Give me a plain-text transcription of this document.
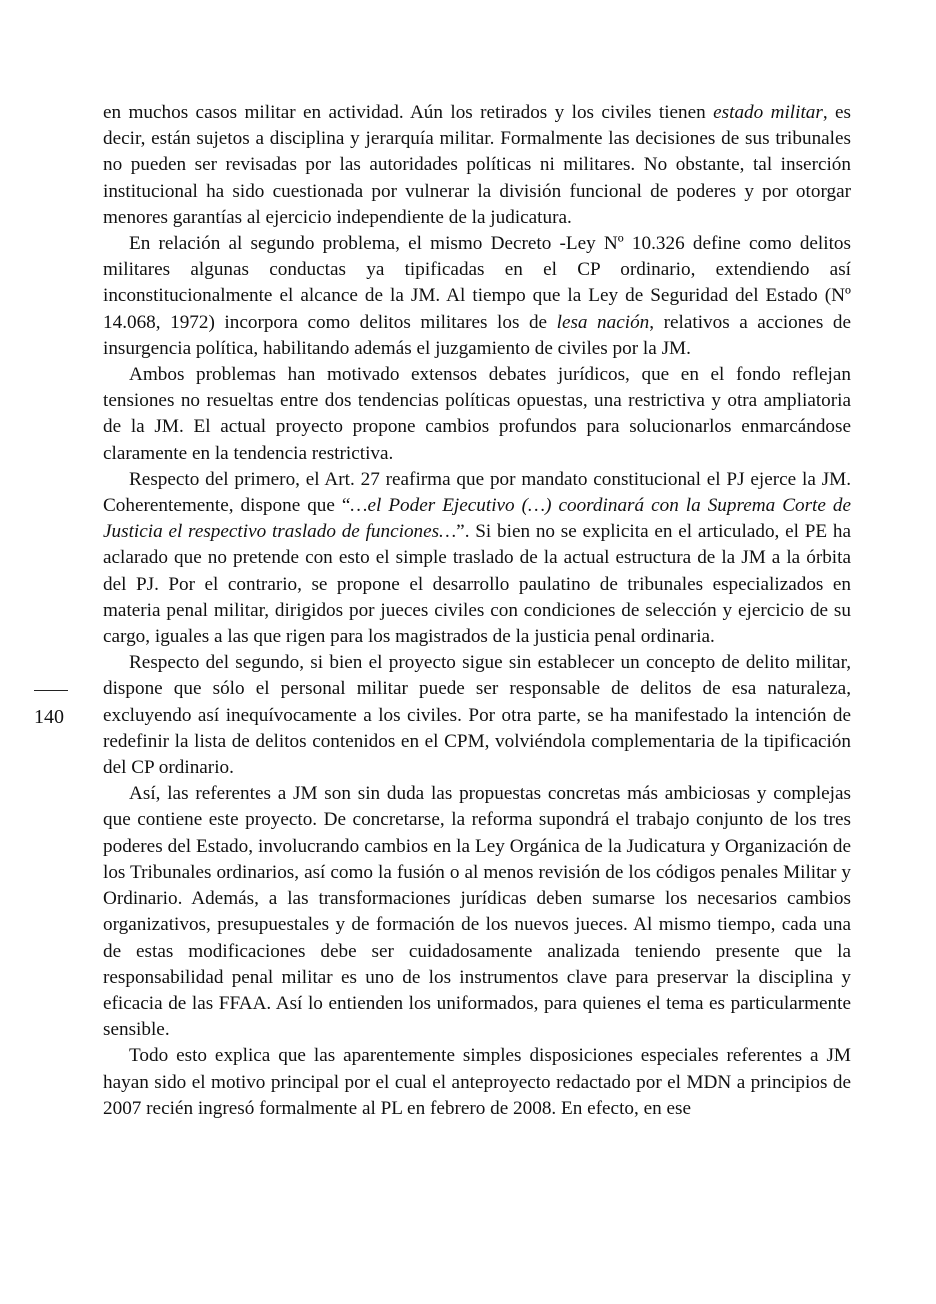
140

en muchos casos militar en actividad. Aún los retirados y los civiles tienen estado militar, es decir, están sujetos a disciplina y jerarquía militar. Formalmente las decisiones de sus tribunales no pueden ser revisadas por las autoridades políticas ni militares. No obstante, tal inserción institucional ha sido cuestionada por vulnerar la división funcional de poderes y por otorgar menores garantías al ejercicio independiente de la judicatura.

En relación al segundo problema, el mismo Decreto -Ley Nº 10.326 define como delitos militares algunas conductas ya tipificadas en el CP ordinario, extendiendo así inconstitucionalmente el alcance de la JM. Al tiempo que la Ley de Seguridad del Estado (Nº 14.068, 1972) incorpora como delitos militares los de lesa nación, relativos a acciones de insurgencia política, habilitando además el juzgamiento de civiles por la JM.

Ambos problemas han motivado extensos debates jurídicos, que en el fondo reflejan tensiones no resueltas entre dos tendencias políticas opuestas, una restrictiva y otra ampliatoria de la JM. El actual proyecto propone cambios profundos para solucionarlos enmarcándose claramente en la tendencia restrictiva.

Respecto del primero, el Art. 27 reafirma que por mandato constitucional el PJ ejerce la JM. Coherentemente, dispone que “…el Poder Ejecutivo (…) coordinará con la Suprema Corte de Justicia el respectivo traslado de funciones…”. Si bien no se explicita en el articulado, el PE ha aclarado que no pretende con esto el simple traslado de la actual estructura de la JM a la órbita del PJ. Por el contrario, se propone el desarrollo paulatino de tribunales especializados en materia penal militar, dirigidos por jueces civiles con condiciones de selección y ejercicio de su cargo, iguales a las que rigen para los magistrados de la justicia penal ordinaria.

Respecto del segundo, si bien el proyecto sigue sin establecer un concepto de delito militar, dispone que sólo el personal militar puede ser responsable de delitos de esa naturaleza, excluyendo así inequívocamente a los civiles. Por otra parte, se ha manifestado la intención de redefinir la lista de delitos contenidos en el CPM, volviéndola complementaria de la tipificación del CP ordinario.

Así, las referentes a JM son sin duda las propuestas concretas más ambiciosas y complejas que contiene este proyecto. De concretarse, la reforma supondrá el trabajo conjunto de los tres poderes del Estado, involucrando cambios en la Ley Orgánica de la Judicatura y Organización de los Tribunales ordinarios, así como la fusión o al menos revisión de los códigos penales Militar y Ordinario. Además, a las transformaciones jurídicas deben sumarse los necesarios cambios organizativos, presupuestales y de formación de los nuevos jueces. Al mismo tiempo, cada una de estas modificaciones debe ser cuidadosamente analizada teniendo presente que la responsabilidad penal militar es uno de los instrumentos clave para preservar la disciplina y eficacia de las FFAA. Así lo entienden los uniformados, para quienes el tema es particularmente sensible.

Todo esto explica que las aparentemente simples disposiciones especiales referentes a JM hayan sido el motivo principal por el cual el anteproyecto redactado por el MDN a principios de 2007 recién ingresó formalmente al PL en febrero de 2008. En efecto, en ese
